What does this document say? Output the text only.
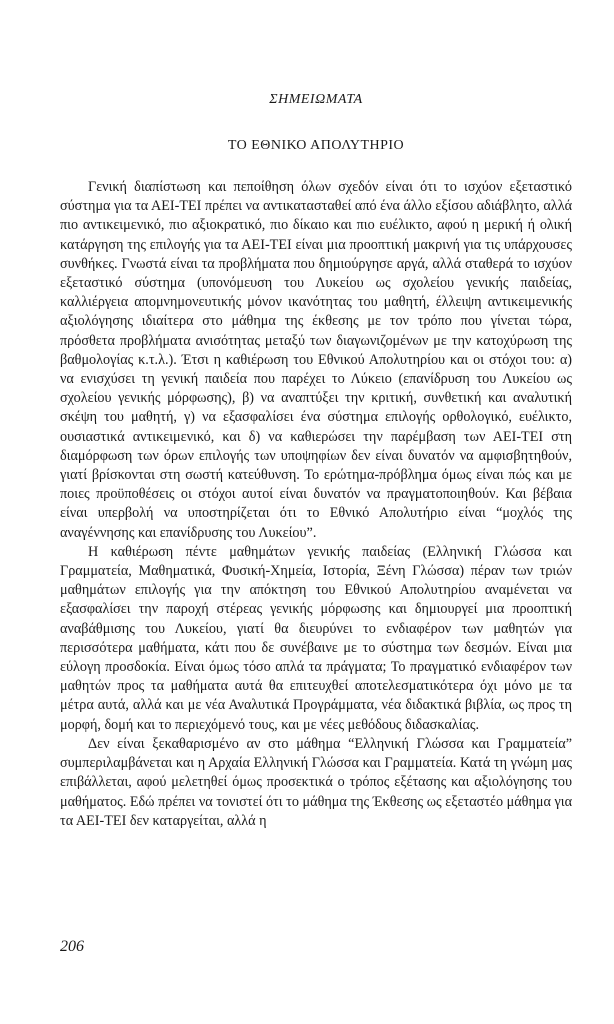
ΣΗΜΕΙΩΜΑΤΑ
ΤΟ ΕΘΝΙΚΟ ΑΠΟΛΥΤΗΡΙΟ

Γενική διαπίστωση και πεποίθηση όλων σχεδόν είναι ότι το ισχύον εξεταστικό σύστημα για τα ΑΕΙ-ΤΕΙ πρέπει να αντικατασταθεί από ένα άλλο εξίσου αδιάβλητο, αλλά πιο αντικειμενικό, πιο αξιοκρατικό, πιο δίκαιο και πιο ευέλικτο, αφού η μερική ή ολική κατάργηση της επιλογής για τα ΑΕΙ-ΤΕΙ είναι μια προοπτική μακρινή για τις υπάρχουσες συνθήκες. Γνωστά είναι τα προβλήματα που δημιούργησε αργά, αλλά σταθερά το ισχύον εξεταστικό σύστημα (υπονόμευση του Λυκείου ως σχολείου γενικής παιδείας, καλλιέργεια απομνημονευτικής μόνον ικανότητας του μαθητή, έλλειψη αντικειμενικής αξιολόγησης ιδιαίτερα στο μάθημα της έκθεσης με τον τρόπο που γίνεται τώρα, πρόσθετα προβλήματα ανισότητας μεταξύ των διαγωνιζομένων με την κατοχύρωση της βαθμολογίας κ.τ.λ.). Έτσι η καθιέρωση του Εθνικού Απολυτηρίου και οι στόχοι του: α) να ενισχύσει τη γενική παιδεία που παρέχει το Λύκειο (επανίδρυση του Λυκείου ως σχολείου γενικής μόρφωσης), β) να αναπτύξει την κριτική, συνθετική και αναλυτική σκέψη του μαθητή, γ) να εξασφαλίσει ένα σύστημα επιλογής ορθολογικό, ευέλικτο, ουσιαστικά αντικειμενικό, και δ) να καθιερώσει την παρέμβαση των ΑΕΙ-ΤΕΙ στη διαμόρφωση των όρων επιλογής των υποψηφίων δεν είναι δυνατόν να αμφισβητηθούν, γιατί βρίσκονται στη σωστή κατεύθυνση. Το ερώτημα-πρόβλημα όμως είναι πώς και με ποιες προϋποθέσεις οι στόχοι αυτοί είναι δυνατόν να πραγματοποιηθούν. Και βέβαια είναι υπερβολή να υποστηρίζεται ότι το Εθνικό Απολυτήριο είναι “μοχλός της αναγέννησης και επανίδρυσης του Λυκείου”.

Η καθιέρωση πέντε μαθημάτων γενικής παιδείας (Ελληνική Γλώσσα και Γραμματεία, Μαθηματικά, Φυσική-Χημεία, Ιστορία, Ξένη Γλώσσα) πέραν των τριών μαθημάτων επιλογής για την απόκτηση του Εθνικού Απολυτηρίου αναμένεται να εξασφαλίσει την παροχή στέρεας γενικής μόρφωσης και δημιουργεί μια προοπτική αναβάθμισης του Λυκείου, γιατί θα διευρύνει το ενδιαφέρον των μαθητών για περισσότερα μαθήματα, κάτι που δε συνέβαινε με το σύστημα των δεσμών. Είναι μια εύλογη προσδοκία. Είναι όμως τόσο απλά τα πράγματα; Το πραγματικό ενδιαφέρον των μαθητών προς τα μαθήματα αυτά θα επιτευχθεί αποτελεσματικότερα όχι μόνο με τα μέτρα αυτά, αλλά και με νέα Αναλυτικά Προγράμματα, νέα διδακτικά βιβλία, ως προς τη μορφή, δομή και το περιεχόμενό τους, και με νέες μεθόδους διδασκαλίας.

Δεν είναι ξεκαθαρισμένο αν στο μάθημα “Ελληνική Γλώσσα και Γραμματεία” συμπεριλαμβάνεται και η Αρχαία Ελληνική Γλώσσα και Γραμματεία. Κατά τη γνώμη μας επιβάλλεται, αφού μελετηθεί όμως προσεκτικά ο τρόπος εξέτασης και αξιολόγησης του μαθήματος. Εδώ πρέπει να τονιστεί ότι το μάθημα της Έκθεσης ως εξεταστέο μάθημα για τα ΑΕΙ-ΤΕΙ δεν καταργείται, αλλά η

206
